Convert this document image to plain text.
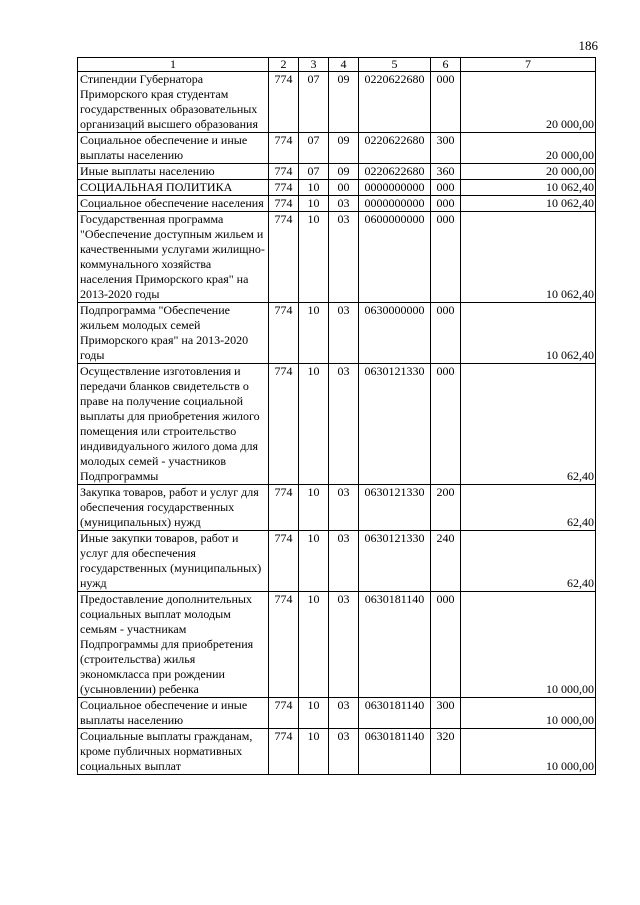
186
1	2	3	4	5	6	7
Стипендии Губернатора Приморского края студентам государственных образовательных организаций высшего образования	774	07	09	0220622680	000	20 000,00
Социальное обеспечение и иные выплаты населению	774	07	09	0220622680	300	20 000,00
Иные выплаты населению	774	07	09	0220622680	360	20 000,00
СОЦИАЛЬНАЯ ПОЛИТИКА	774	10	00	0000000000	000	10 062,40
Социальное обеспечение населения	774	10	03	0000000000	000	10 062,40
Государственная программа "Обеспечение доступным жильем и качественными услугами жилищно-коммунального хозяйства населения Приморского края" на 2013-2020 годы	774	10	03	0600000000	000	10 062,40
Подпрограмма "Обеспечение жильем молодых семей Приморского края" на 2013-2020 годы	774	10	03	0630000000	000	10 062,40
Осуществление изготовления и передачи бланков свидетельств о праве на получение социальной выплаты для приобретения жилого помещения или строительство индивидуального жилого дома для молодых семей - участников Подпрограммы	774	10	03	0630121330	000	62,40
Закупка товаров, работ и услуг для обеспечения государственных (муниципальных) нужд	774	10	03	0630121330	200	62,40
Иные закупки товаров, работ и услуг для обеспечения государственных (муниципальных) нужд	774	10	03	0630121330	240	62,40
Предоставление дополнительных социальных выплат молодым семьям - участникам Подпрограммы для приобретения (строительства) жилья экономкласса при рождении (усыновлении) ребенка	774	10	03	0630181140	000	10 000,00
Социальное обеспечение и иные выплаты населению	774	10	03	0630181140	300	10 000,00
Социальные выплаты гражданам, кроме публичных нормативных социальных выплат	774	10	03	0630181140	320	10 000,00
